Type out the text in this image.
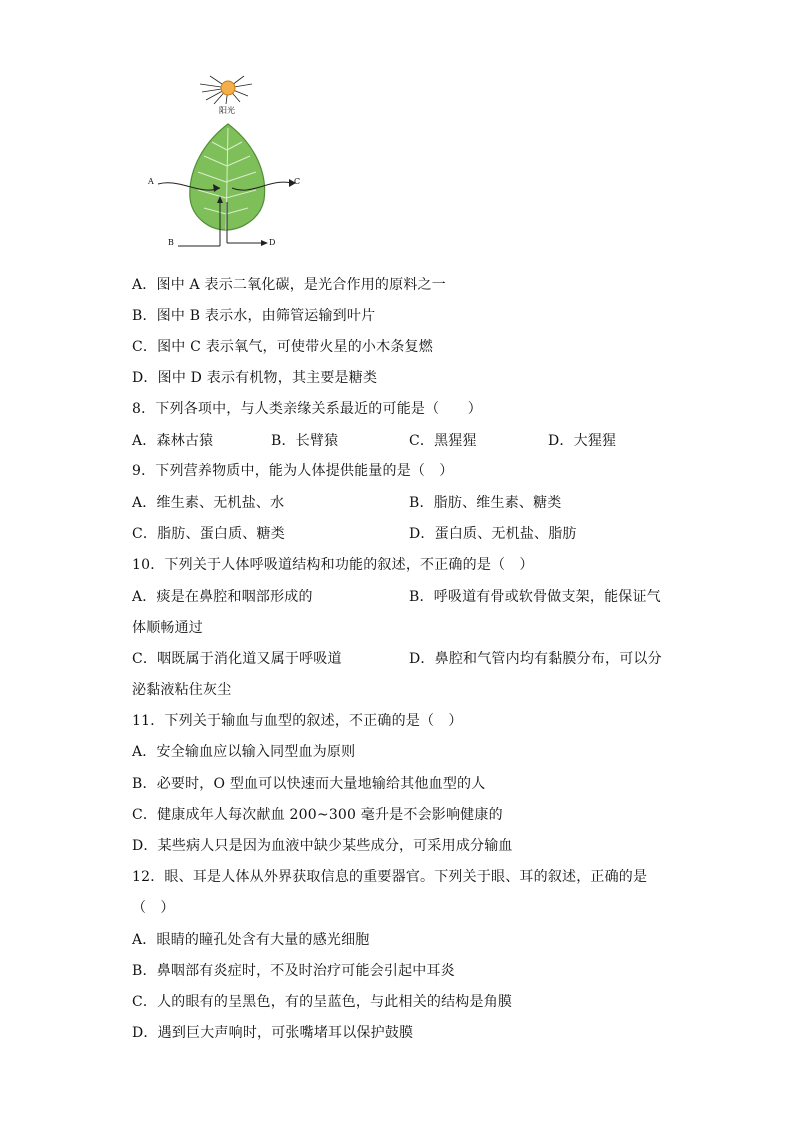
阳光
A	C
B	D
A．图中 A 表示二氧化碳，是光合作用的原料之一
B．图中 B 表示水，由筛管运输到叶片
C．图中 C 表示氧气，可使带火星的小木条复燃
D．图中 D 表示有机物，其主要是糖类
8．下列各项中，与人类亲缘关系最近的可能是（　　）
A．森林古猿	B．长臂猿	C．黑猩猩	D．大猩猩
9．下列营养物质中，能为人体提供能量的是（　）
A．维生素、无机盐、水	B．脂肪、维生素、糖类
C．脂肪、蛋白质、糖类	D．蛋白质、无机盐、脂肪
10．下列关于人体呼吸道结构和功能的叙述，不正确的是（　）
A．痰是在鼻腔和咽部形成的	B．呼吸道有骨或软骨做支架，能保证气
体顺畅通过
C．咽既属于消化道又属于呼吸道	D．鼻腔和气管内均有黏膜分布，可以分
泌黏液粘住灰尘
11．下列关于输血与血型的叙述，不正确的是（　）
A．安全输血应以输入同型血为原则
B．必要时，O 型血可以快速而大量地输给其他血型的人
C．健康成年人每次献血 200~300 毫升是不会影响健康的
D．某些病人只是因为血液中缺少某些成分，可采用成分输血
12．眼、耳是人体从外界获取信息的重要器官。下列关于眼、耳的叙述，正确的是
（　）
A．眼睛的瞳孔处含有大量的感光细胞
B．鼻咽部有炎症时，不及时治疗可能会引起中耳炎
C．人的眼有的呈黑色，有的呈蓝色，与此相关的结构是角膜
D．遇到巨大声响时，可张嘴堵耳以保护鼓膜
